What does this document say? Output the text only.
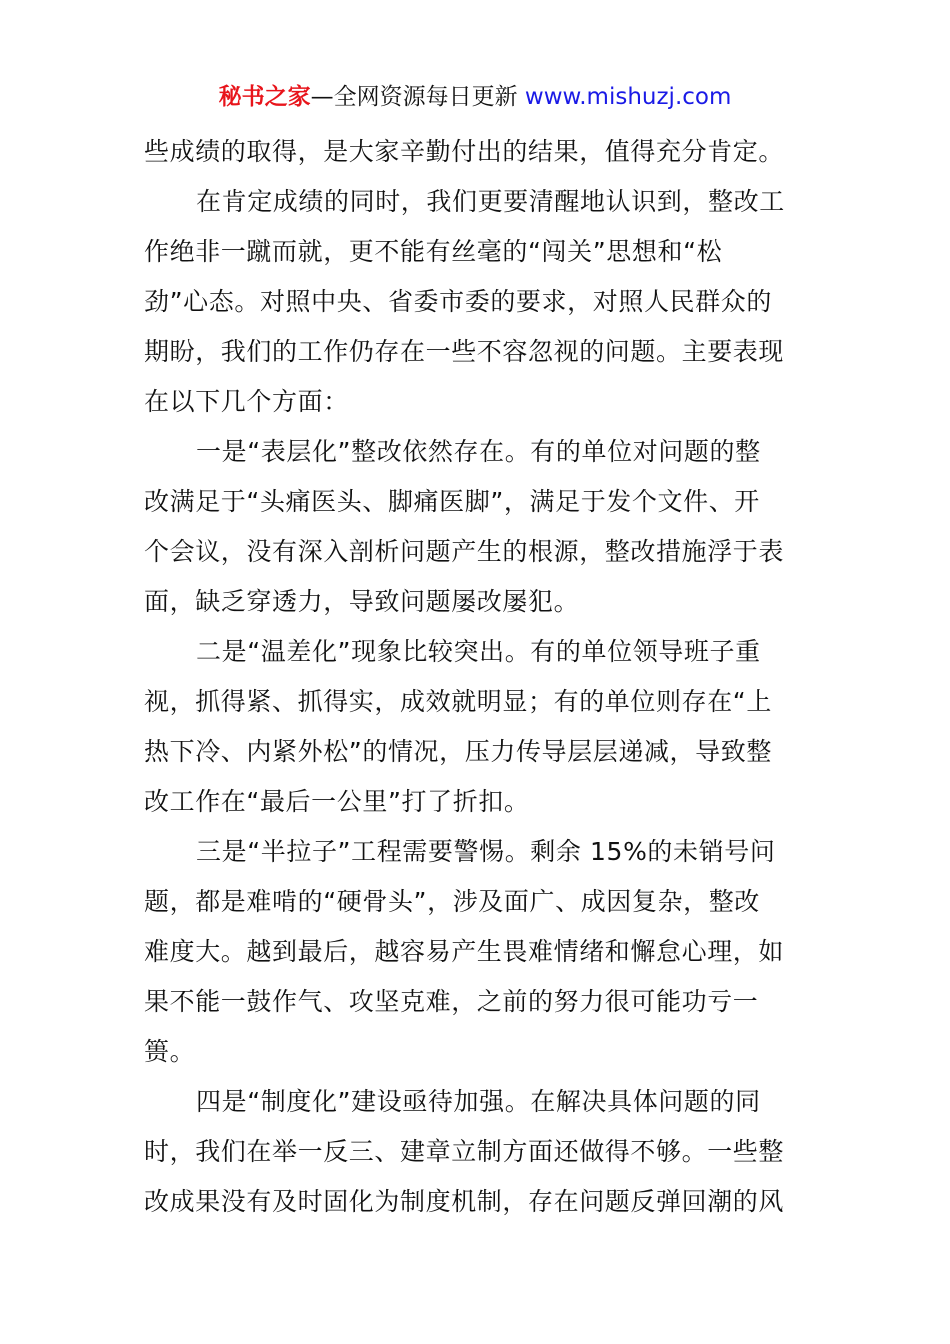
秘书之家—全网资源每日更新 www.mishuzj.com
些成绩的取得，是大家辛勤付出的结果，值得充分肯定。
在肯定成绩的同时，我们更要清醒地认识到，整改工
作绝非一蹴而就，更不能有丝毫的“闯关”思想和“松
劲”心态。对照中央、省委市委的要求，对照人民群众的
期盼，我们的工作仍存在一些不容忽视的问题。主要表现
在以下几个方面：
一是“表层化”整改依然存在。有的单位对问题的整
改满足于“头痛医头、脚痛医脚”，满足于发个文件、开
个会议，没有深入剖析问题产生的根源，整改措施浮于表
面，缺乏穿透力，导致问题屡改屡犯。
二是“温差化”现象比较突出。有的单位领导班子重
视，抓得紧、抓得实，成效就明显；有的单位则存在“上
热下冷、内紧外松”的情况，压力传导层层递减，导致整
改工作在“最后一公里”打了折扣。
三是“半拉子”工程需要警惕。剩余 15%的未销号问
题，都是难啃的“硬骨头”，涉及面广、成因复杂，整改
难度大。越到最后，越容易产生畏难情绪和懈怠心理，如
果不能一鼓作气、攻坚克难，之前的努力很可能功亏一
篑。
四是“制度化”建设亟待加强。在解决具体问题的同
时，我们在举一反三、建章立制方面还做得不够。一些整
改成果没有及时固化为制度机制，存在问题反弹回潮的风
